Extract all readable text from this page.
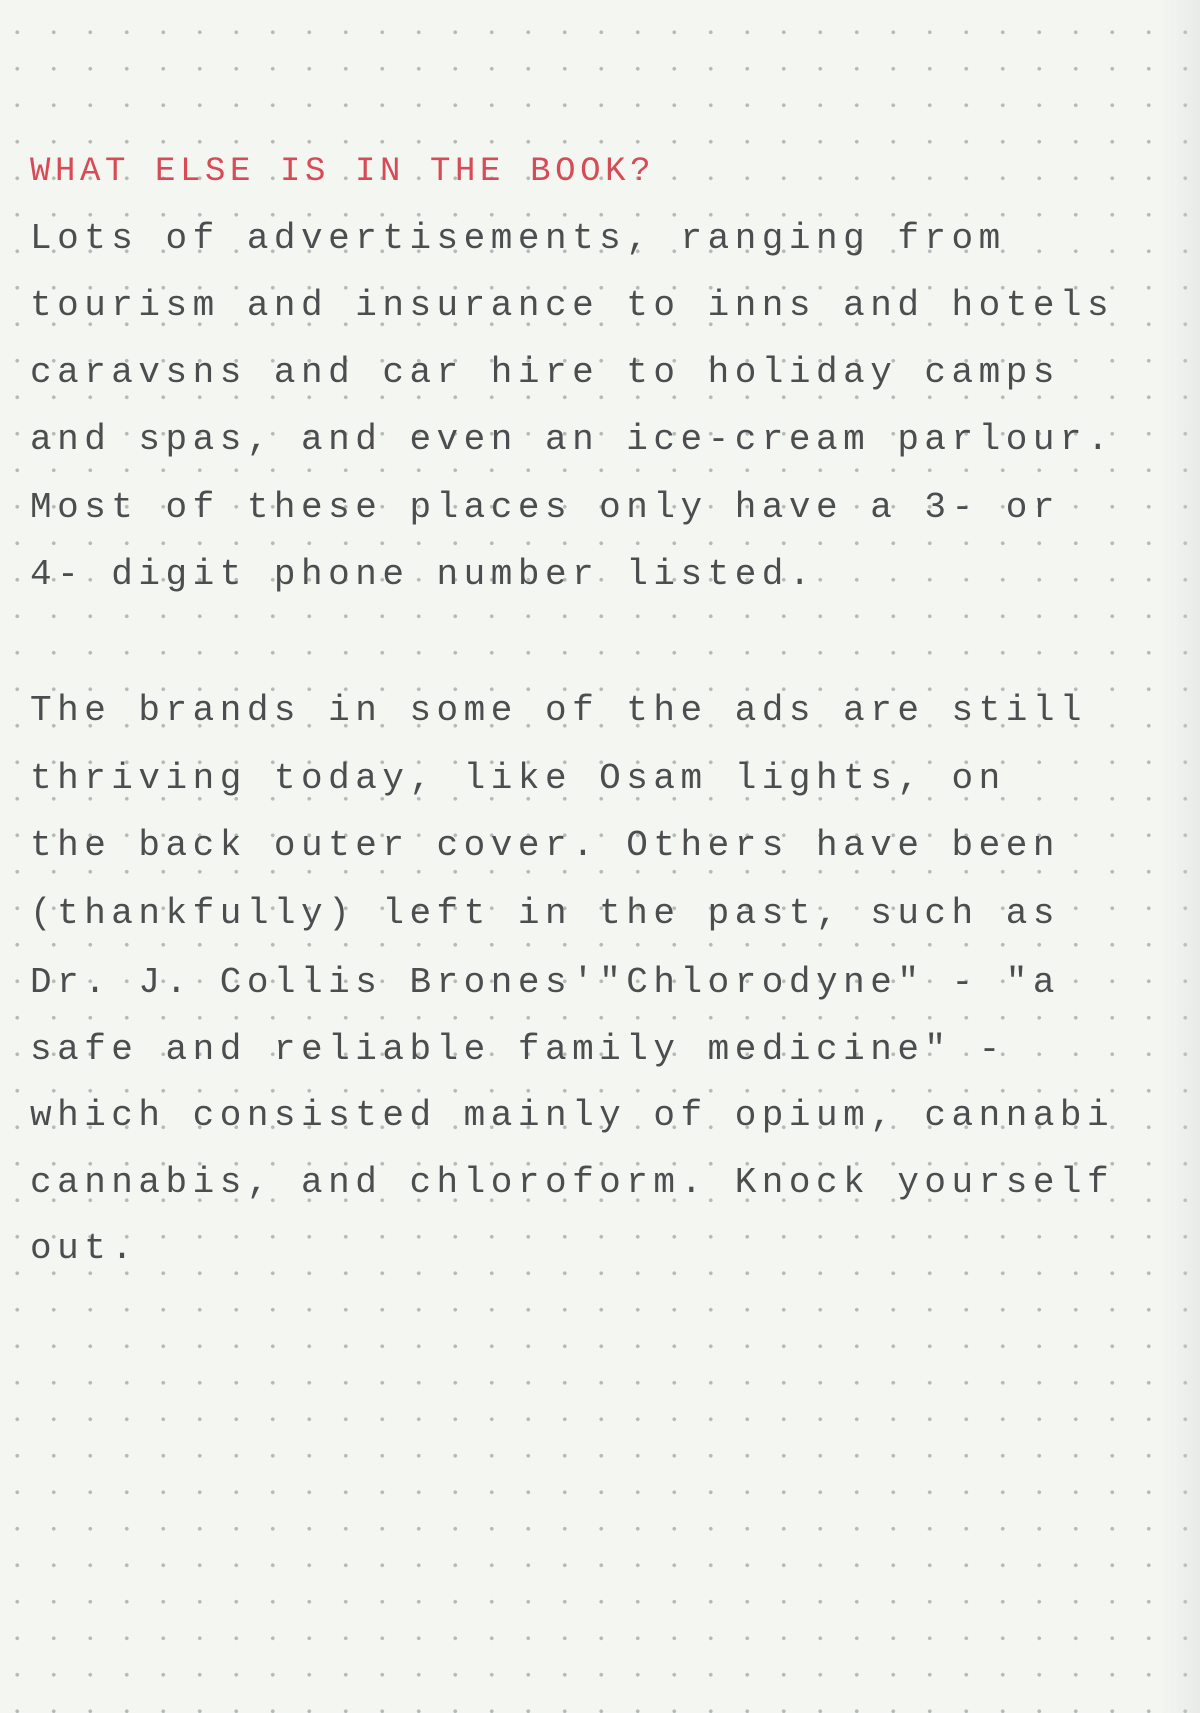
WHAT ELSE IS IN THE BOOK?

Lots of advertisements, ranging from

tourism and insurance to inns and hotels

caravsns and car hire to holiday camps

and spas, and even an ice-cream parlour.

Most of these places only have a 3- or

4- digit phone number listed.

The brands in some of the ads are still

thriving today, like Osam lights, on

the back outer cover. Others have been

(thankfully) left in the past, such as

Dr. J. Collis Brones'"Chlorodyne" - "a

safe and reliable family medicine" -

which consisted mainly of opium, cannabi

cannabis, and chloroform. Knock yourself

out.
